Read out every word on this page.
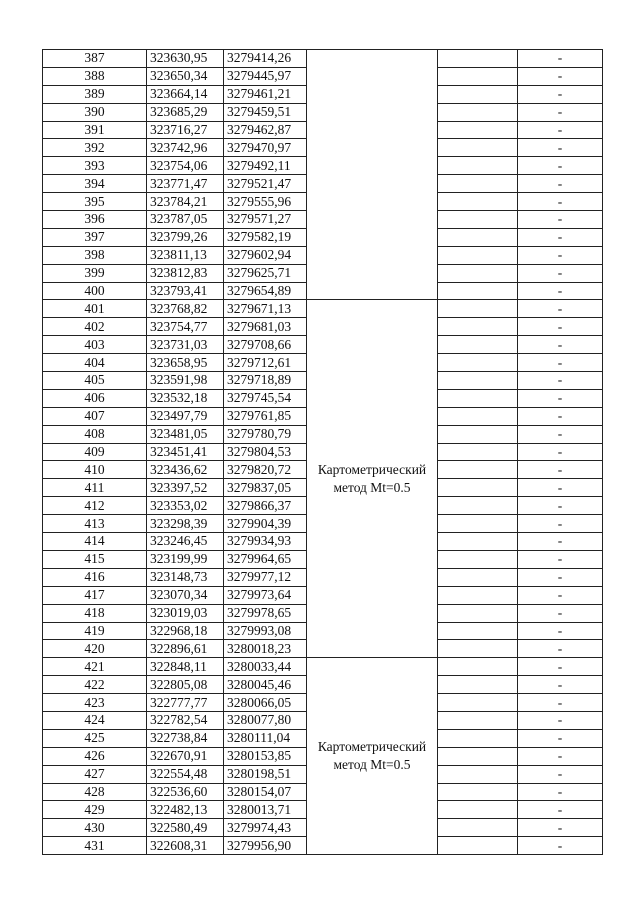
387	323630,95	3279414,26			-
388	323650,34	3279445,97			-
389	323664,14	3279461,21			-
390	323685,29	3279459,51			-
391	323716,27	3279462,87			-
392	323742,96	3279470,97			-
393	323754,06	3279492,11			-
394	323771,47	3279521,47			-
395	323784,21	3279555,96			-
396	323787,05	3279571,27			-
397	323799,26	3279582,19			-
398	323811,13	3279602,94			-
399	323812,83	3279625,71			-
400	323793,41	3279654,89			-
401	323768,82	3279671,13	Картометрический метод Mt=0.5		-
402	323754,77	3279681,03			-
403	323731,03	3279708,66			-
404	323658,95	3279712,61			-
405	323591,98	3279718,89			-
406	323532,18	3279745,54			-
407	323497,79	3279761,85			-
408	323481,05	3279780,79			-
409	323451,41	3279804,53			-
410	323436,62	3279820,72			-
411	323397,52	3279837,05			-
412	323353,02	3279866,37			-
413	323298,39	3279904,39			-
414	323246,45	3279934,93			-
415	323199,99	3279964,65			-
416	323148,73	3279977,12			-
417	323070,34	3279973,64			-
418	323019,03	3279978,65			-
419	322968,18	3279993,08			-
420	322896,61	3280018,23			-
421	322848,11	3280033,44	Картометрический метод Mt=0.5		-
422	322805,08	3280045,46			-
423	322777,77	3280066,05			-
424	322782,54	3280077,80			-
425	322738,84	3280111,04			-
426	322670,91	3280153,85			-
427	322554,48	3280198,51			-
428	322536,60	3280154,07			-
429	322482,13	3280013,71			-
430	322580,49	3279974,43			-
431	322608,31	3279956,90			-
